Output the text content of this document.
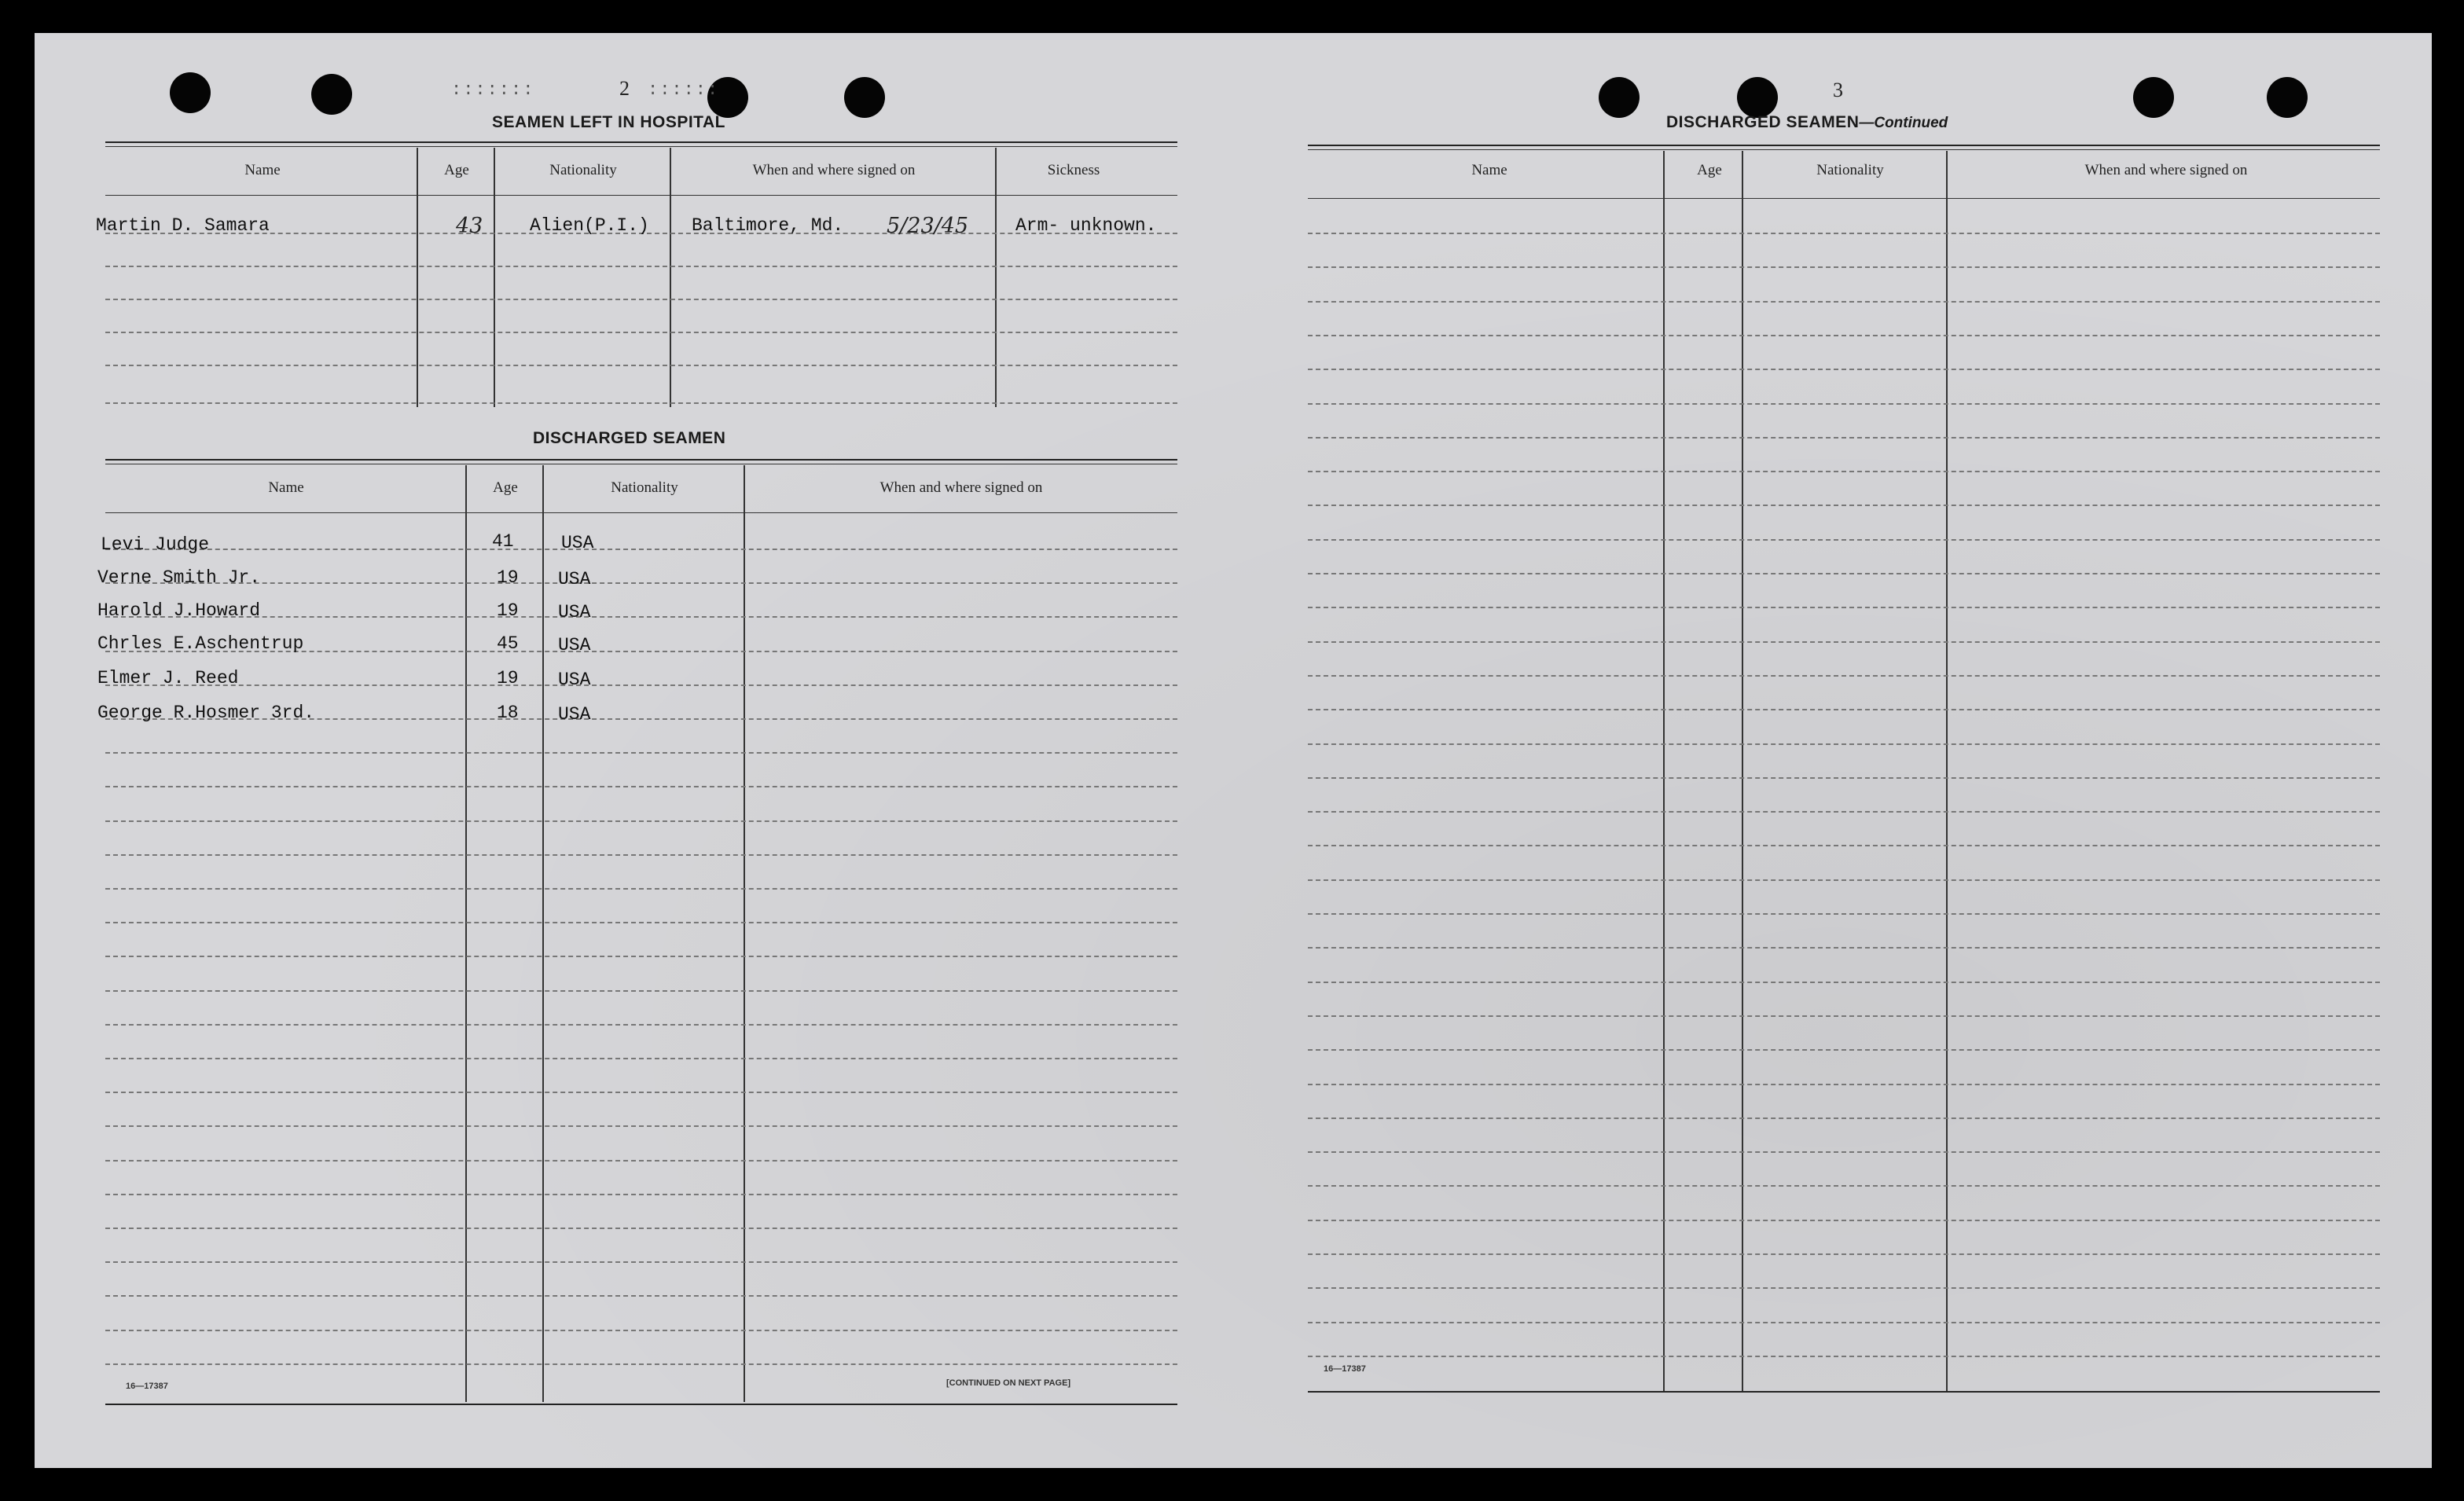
:::::::	2 ::::::
SEAMEN LEFT IN HOSPITAL
Name	Age	Nationality	When and where signed on	Sickness
Martin D. Samara	43	Alien(P.I.) Baltimore, Md. 5/23/45	Arm- unknown.
DISCHARGED SEAMEN
Name	Age	Nationality	When and where signed on
Levi Judge	41	USA
Verne Smith Jr.	19 USA
Harold J.Howard	19 USA
Chrles E.Aschentrup	45 USA
Elmer J. Reed	19 USA
George R.Hosmer 3rd.	18 USA
16—17387	[CONTINUED ON NEXT PAGE]
3
DISCHARGED SEAMEN—Continued
Name	Age	Nationality	When and where signed on
16—17387
